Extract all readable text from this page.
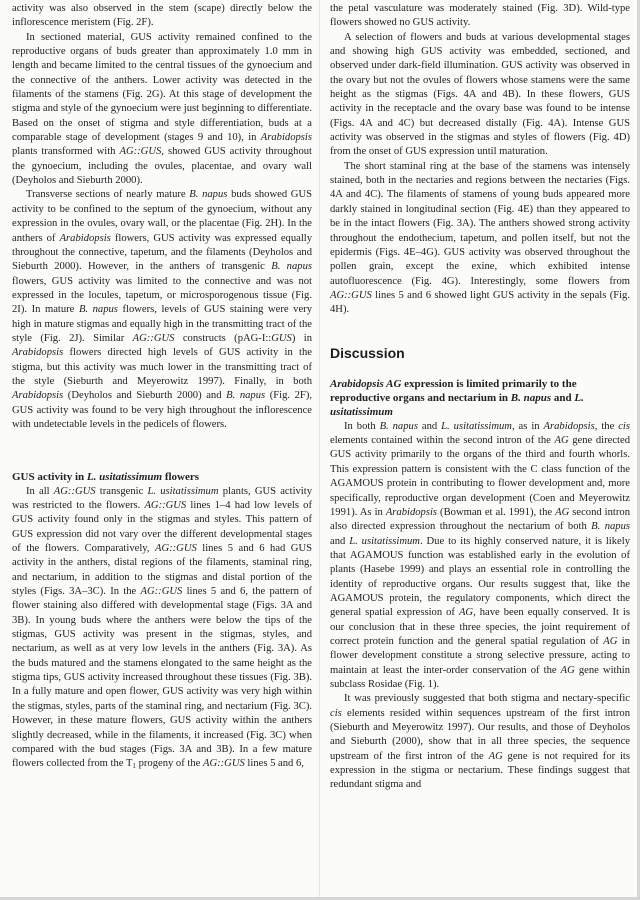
activity was also observed in the stem (scape) directly below the inflorescence meristem (Fig. 2F).

In sectioned material, GUS activity remained confined to the reproductive organs of buds greater than approximately 1.0 mm in length and became limited to the central tissues of the gynoecium and the connective of the anthers. Lower activity was detected in the filaments of the stamens (Fig. 2G). At this stage of development the stigma and style of the gynoecium were just beginning to differentiate. Based on the onset of stigma and style differentiation, buds at a comparable stage of development (stages 9 and 10), in Arabidopsis plants transformed with AG::GUS, showed GUS activity throughout the gynoecium, including the ovules, placentae, and ovary wall (Deyholos and Sieburth 2000).

Transverse sections of nearly mature B. napus buds showed GUS activity to be confined to the septum of the gynoecium, without any expression in the ovules, ovary wall, or the placentae (Fig. 2H). In the anthers of Arabidopsis flowers, GUS activity was expressed equally throughout the connective, tapetum, and the filaments (Deyholos and Sieburth 2000). However, in the anthers of transgenic B. napus flowers, GUS activity was limited to the connective and was not expressed in the locules, tapetum, or microsporogenous tissue (Fig. 2I). In mature B. napus flowers, levels of GUS staining were very high in mature stigmas and equally high in the transmitting tract of the style (Fig. 2J). Similar AG::GUS constructs (pAG-I::GUS) in Arabidopsis flowers directed high levels of GUS activity in the stigma, but this activity was much lower in the transmitting tract of the style (Sieburth and Meyerowitz 1997). Finally, in both Arabidopsis (Deyholos and Sieburth 2000) and B. napus (Fig. 2F), GUS activity was found to be very high throughout the inflorescence with undetectable levels in the pedicels of flowers.

GUS activity in L. usitatissimum flowers

In all AG::GUS transgenic L. usitatissimum plants, GUS activity was restricted to the flowers. AG::GUS lines 1–4 had low levels of GUS activity found only in the stigmas and styles. This pattern of GUS expression did not vary over the different developmental stages of the flowers. Comparatively, AG::GUS lines 5 and 6 had GUS activity in the anthers, distal regions of the filaments, staminal ring, and nectarium, in addition to the stigmas and distal portion of the styles (Figs. 3A–3C). In the AG::GUS lines 5 and 6, the pattern of flower staining also differed with developmental stage (Figs. 3A and 3B). In young buds where the anthers were below the tips of the stigmas, GUS activity was present in the stigmas, styles, and nectarium, as well as at very low levels in the anthers (Fig. 3A). As the buds matured and the stamens elongated to the same height as the stigma tips, GUS activity increased throughout these tissues (Fig. 3B). In a fully mature and open flower, GUS activity was very high within the stigmas, styles, parts of the staminal ring, and nectarium (Fig. 3C). However, in these mature flowers, GUS activity within the anthers slightly decreased, while in the filaments, it increased (Fig. 3C) when compared with the bud stages (Figs. 3A and 3B). In a few mature flowers collected from the $T_1$ progeny of the AG::GUS lines 5 and 6,

the petal vasculature was moderately stained (Fig. 3D). Wild-type flowers showed no GUS activity.

A selection of flowers and buds at various developmental stages and showing high GUS activity was embedded, sectioned, and observed under dark-field illumination. GUS activity was observed in the ovary but not the ovules of flowers whose stamens were the same height as the stigmas (Figs. 4A and 4B). In these flowers, GUS activity in the receptacle and the ovary base was found to be intense (Figs. 4A and 4C) but decreased distally (Fig. 4A). Intense GUS activity was observed in the stigmas and styles of flowers (Fig. 4D) from the onset of GUS expression until maturation.

The short staminal ring at the base of the stamens was intensely stained, both in the nectaries and regions between the nectaries (Figs. 4A and 4C). The filaments of stamens of young buds appeared more darkly stained in longitudinal section (Fig. 4E) than they appeared to be in the intact flowers (Fig. 3A). The anthers showed strong activity throughout the endothecium, tapetum, and pollen itself, but not the epidermis (Figs. 4E–4G). GUS activity was observed throughout the pollen grain, except the exine, which exhibited intense autofluorescence (Fig. 4G). Interestingly, some flowers from AG::GUS lines 5 and 6 showed light GUS activity in the sepals (Fig. 4H).

Discussion

Arabidopsis AG expression is limited primarily to the reproductive organs and nectarium in B. napus and L. usitatissimum

In both B. napus and L. usitatissimum, as in Arabidopsis, the cis elements contained within the second intron of the AG gene directed GUS activity primarily to the organs of the third and fourth whorls. This expression pattern is consistent with the C class function of the AGAMOUS protein in contributing to flower development and, more specifically, reproductive organ development (Coen and Meyerowitz 1991). As in Arabidopsis (Bowman et al. 1991), the AG second intron also directed expression throughout the nectarium of both B. napus and L. usitatissimum. Due to its highly conserved nature, it is likely that AGAMOUS function was established early in the evolution of plants (Hasebe 1999) and plays an essential role in controlling the identity of reproductive organs. Our results suggest that, like the AGAMOUS protein, the regulatory components, which direct the general spatial expression of AG, have been equally conserved. It is our conclusion that in these three species, the joint requirement of correct protein function and the general spatial regulation of AG in flower development constitute a strong selective pressure, acting to maintain at least the inter-order conservation of the AG gene within subclass Rosidae (Fig. 1).

It was previously suggested that both stigma and nectary-specific cis elements resided within sequences upstream of the first intron (Sieburth and Meyerowitz 1997). Our results, and those of Deyholos and Sieburth (2000), show that in all three species, the sequence upstream of the first intron of the AG gene is not required for its expression in the stigma or nectarium. These findings suggest that redundant stigma and
